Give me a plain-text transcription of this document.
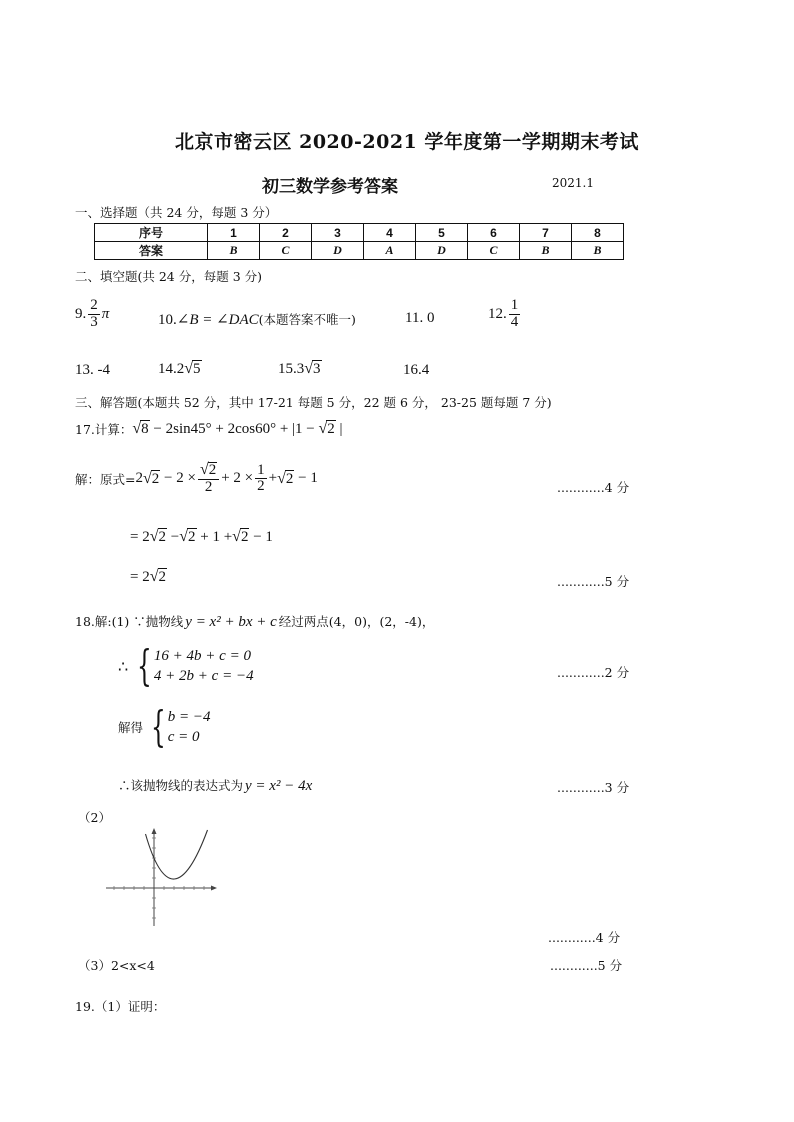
北京市密云区 2020-2021 学年度第一学期期末考试
初三数学参考答案	2021.1
一、选择题（共 24 分，每题 3 分）
序号	1	2	3	4	5	6	7	8
答案	B	C	D	A	D	C	B	B
二、填空题(共 24 分，每题 3 分)
9. $\frac{2}{3}$ π	10. ∠B = ∠DAC (本题答案不唯一)	11. 0	12. $\frac{1}{4}$
13. -4	14. 2 √ 5	15. 3 √ 3	16.4
三、解答题(本题共 52 分，其中 17-21 每题 5 分，22 题 6 分， 23-25 题每题 7 分)
17.计算： √ 8 − 2sin45° + 2cos60° + |1 − √ 2 |
解：原式= 2 √ $2 - 2 \times \frac{√ 2}{2} + 2 \times \frac{1}{2}$ + √ 2 − 1
............4 分
= 2 √ 2 − √ 2 + 1 + √ 2 − 1
= 2 √ 2	............5 分
18.解:(1) ∵抛物线 y = x² + bx + c 经过两点(4，0)，(2，-4)，
∴ { 16 + 4b + c = 0
4 + 2b + c = −4	............2 分
解得 { b = −4
c = 0
∴该抛物线的表达式为 y = x² − 4x	............3 分
（2）
............4 分
（3）2<x<4	............5 分
19.（1）证明：
